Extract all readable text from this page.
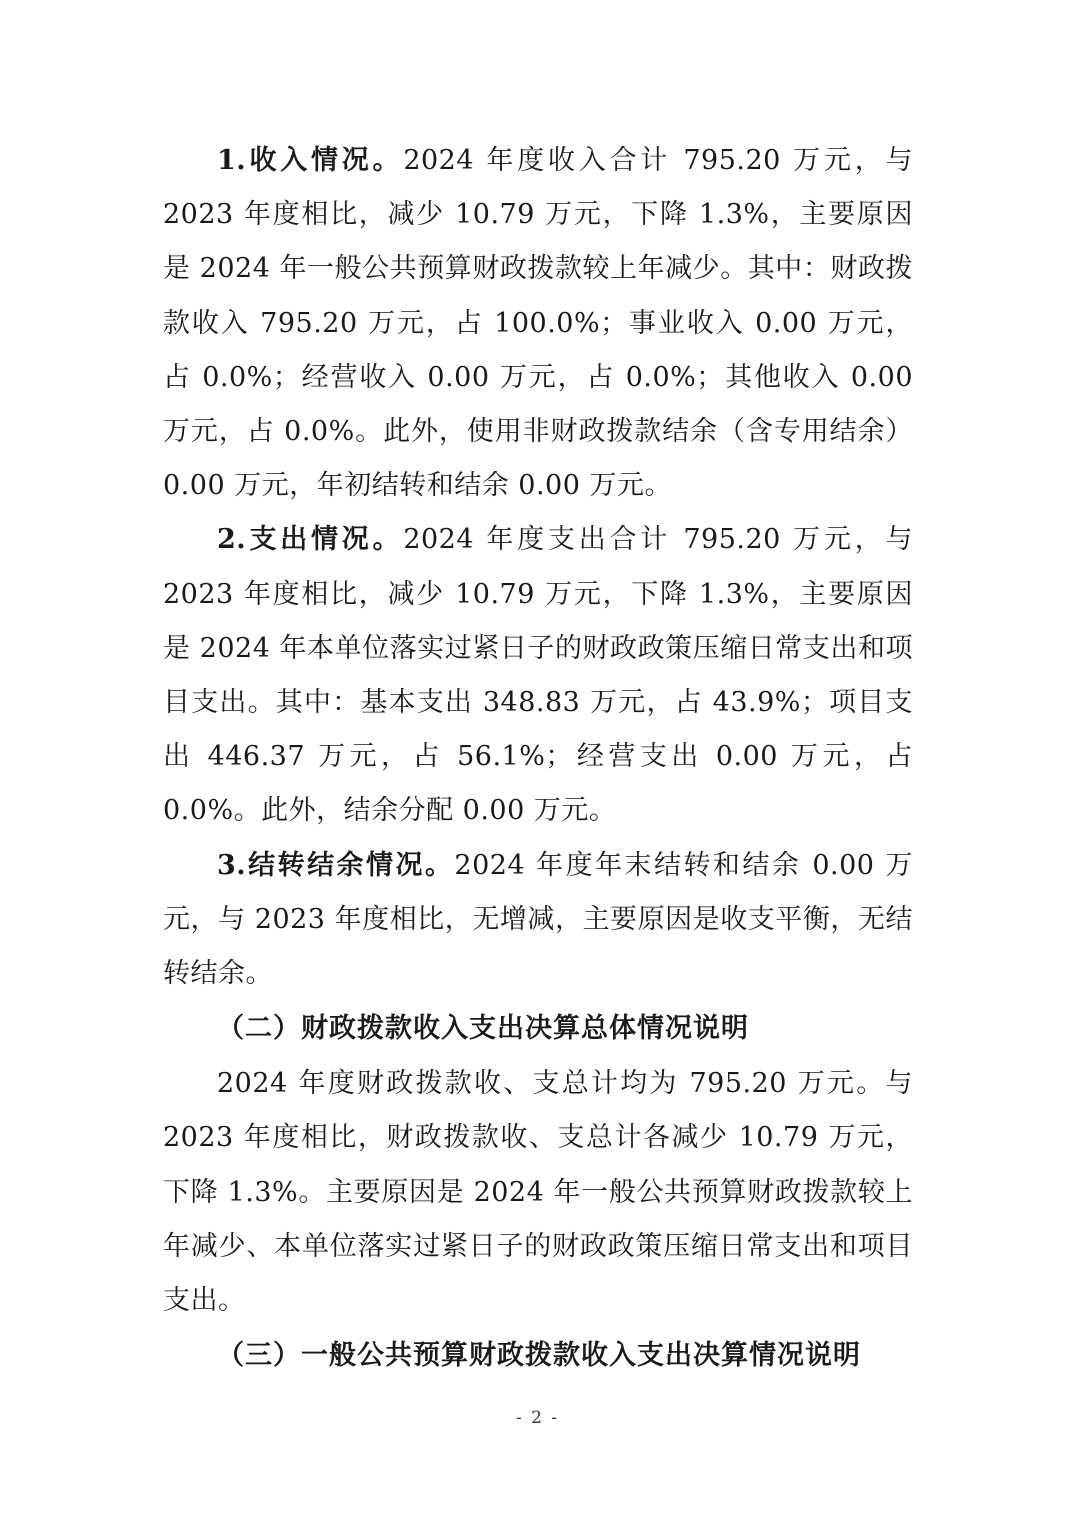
1.收入情况。2024 年度收入合计 795.20 万元，与 2023 年度相比，减少 10.79 万元，下降 1.3%，主要原因是 2024 年一般公共预算财政拨款较上年减少。其中：财政拨款收入 795.20 万元，占 100.0%；事业收入 0.00 万元，占 0.0%；经营收入 0.00 万元，占 0.0%；其他收入 0.00 万元，占 0.0%。此外，使用非财政拨款结余（含专用结余）0.00 万元，年初结转和结余 0.00 万元。

2.支出情况。2024 年度支出合计 795.20 万元，与 2023 年度相比，减少 10.79 万元，下降 1.3%，主要原因是 2024 年本单位落实过紧日子的财政政策压缩日常支出和项目支出。其中：基本支出 348.83 万元，占 43.9%；项目支出 446.37 万元，占 56.1%；经营支出 0.00 万元，占 0.0%。此外，结余分配 0.00 万元。

3.结转结余情况。2024 年度年末结转和结余 0.00 万元，与 2023 年度相比，无增减，主要原因是收支平衡，无结转结余。

（二）财政拨款收入支出决算总体情况说明

2024 年度财政拨款收、支总计均为 795.20 万元。与 2023 年度相比，财政拨款收、支总计各减少 10.79 万元，下降 1.3%。主要原因是 2024 年一般公共预算财政拨款较上年减少、本单位落实过紧日子的财政政策压缩日常支出和项目支出。

（三）一般公共预算财政拨款收入支出决算情况说明

- 2 -
